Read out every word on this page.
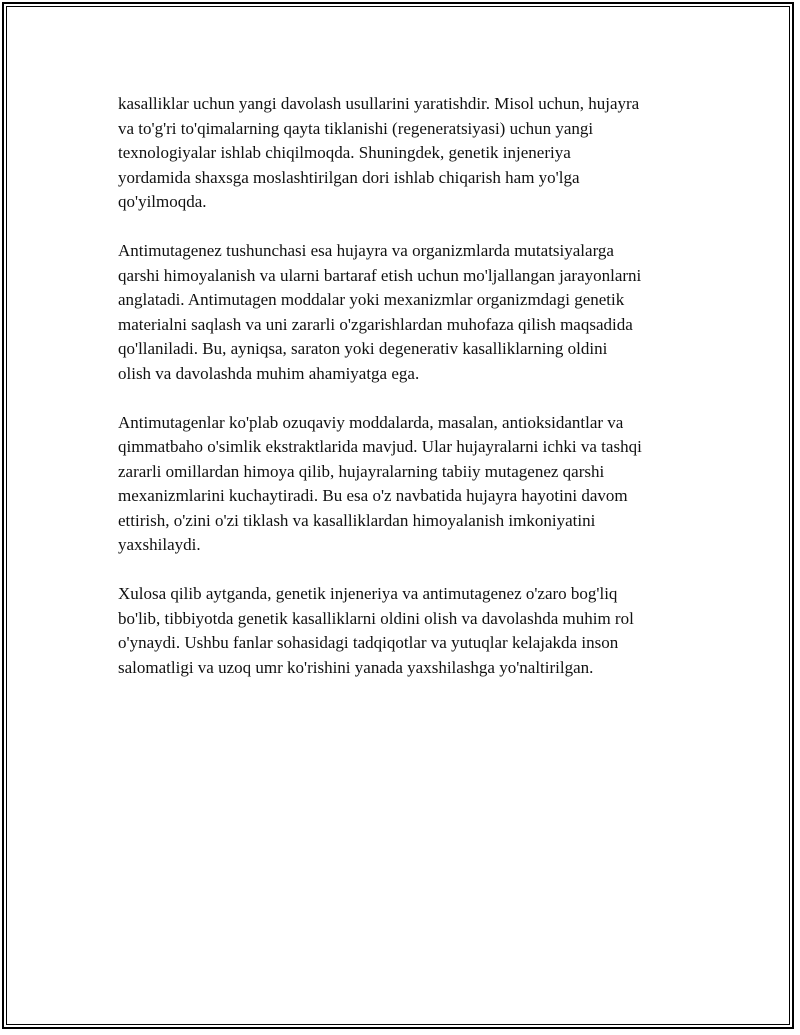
kasalliklar uchun yangi davolash usullarini yaratishdir. Misol uchun, hujayra
va to'g'ri to'qimalarning qayta tiklanishi (regeneratsiyasi) uchun yangi
texnologiyalar ishlab chiqilmoqda. Shuningdek, genetik injeneriya
yordamida shaxsga moslashtirilgan dori ishlab chiqarish ham yo'lga
qo'yilmoqda.

Antimutagenez tushunchasi esa hujayra va organizmlarda mutatsiyalarga
qarshi himoyalanish va ularni bartaraf etish uchun mo'ljallangan jarayonlarni
anglatadi. Antimutagen moddalar yoki mexanizmlar organizmdagi genetik
materialni saqlash va uni zararli o'zgarishlardan muhofaza qilish maqsadida
qo'llaniladi. Bu, ayniqsa, saraton yoki degenerativ kasalliklarning oldini
olish va davolashda muhim ahamiyatga ega.

Antimutagenlar ko'plab ozuqaviy moddalarda, masalan, antioksidantlar va
qimmatbaho o'simlik ekstraktlarida mavjud. Ular hujayralarni ichki va tashqi
zararli omillardan himoya qilib, hujayralarning tabiiy mutagenez qarshi
mexanizmlarini kuchaytiradi. Bu esa o'z navbatida hujayra hayotini davom
ettirish, o'zini o'zi tiklash va kasalliklardan himoyalanish imkoniyatini
yaxshilaydi.

Xulosa qilib aytganda, genetik injeneriya va antimutagenez o'zaro bog'liq
bo'lib, tibbiyotda genetik kasalliklarni oldini olish va davolashda muhim rol
o'ynaydi. Ushbu fanlar sohasidagi tadqiqotlar va yutuqlar kelajakda inson
salomatligi va uzoq umr ko'rishini yanada yaxshilashga yo'naltirilgan.
